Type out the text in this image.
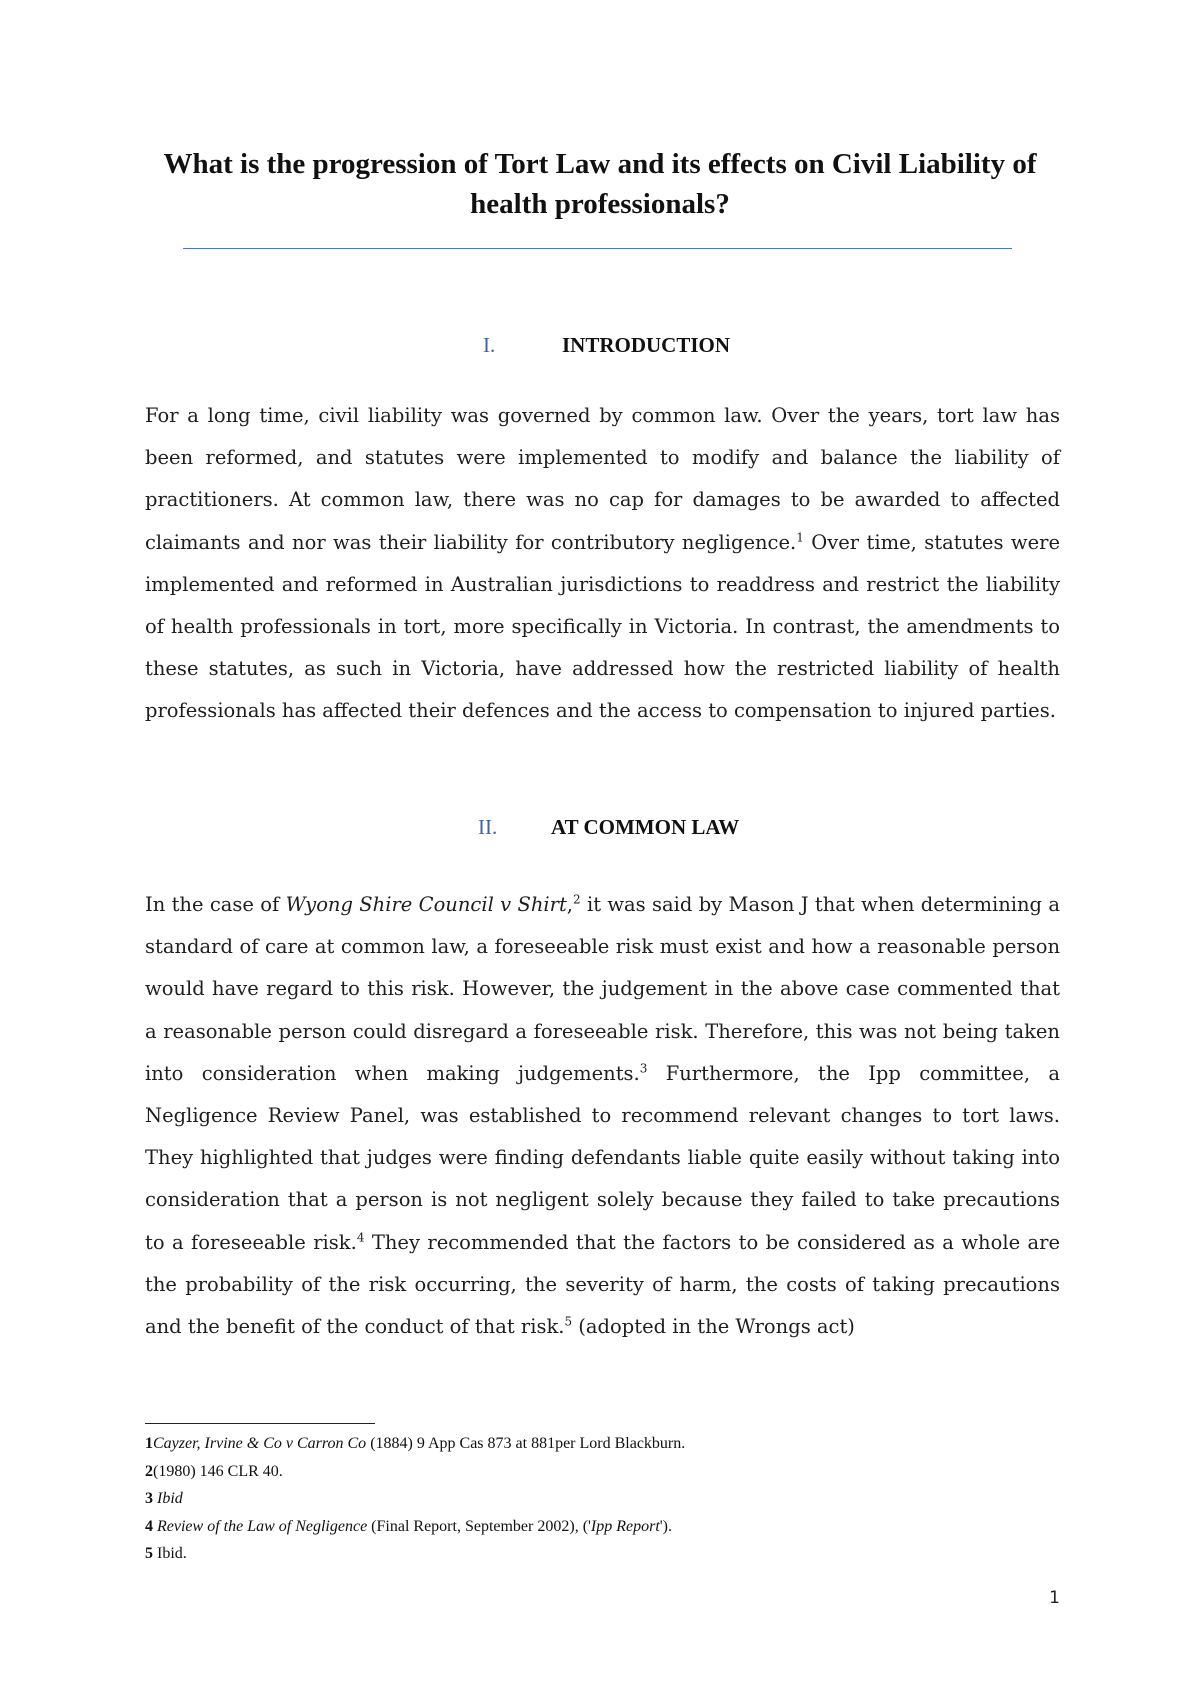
What is the progression of Tort Law and its effects on Civil Liability of health professionals?
I.	INTRODUCTION
For a long time, civil liability was governed by common law. Over the years, tort law has been reformed, and statutes were implemented to modify and balance the liability of practitioners. At common law, there was no cap for damages to be awarded to affected claimants and nor was their liability for contributory negligence.$^1$ Over time, statutes were implemented and reformed in Australian jurisdictions to readdress and restrict the liability of health professionals in tort, more specifically in Victoria. In contrast, the amendments to these statutes, as such in Victoria, have addressed how the restricted liability of health professionals has affected their defences and the access to compensation to injured parties.
II.	AT COMMON LAW
In the case of Wyong Shire Council v Shirt,$^2$ it was said by Mason J that when determining a standard of care at common law, a foreseeable risk must exist and how a reasonable person would have regard to this risk. However, the judgement in the above case commented that a reasonable person could disregard a foreseeable risk. Therefore, this was not being taken into consideration when making judgements.$^3$ Furthermore, the Ipp committee, a Negligence Review Panel, was established to recommend relevant changes to tort laws. They highlighted that judges were finding defendants liable quite easily without taking into consideration that a person is not negligent solely because they failed to take precautions to a foreseeable risk.$^4$ They recommended that the factors to be considered as a whole are the probability of the risk occurring, the severity of harm, the costs of taking precautions and the benefit of the conduct of that risk.$^5$ (adopted in the Wrongs act)
1Cayzer, Irvine & Co v Carron Co (1884) 9 App Cas 873 at 881per Lord Blackburn.
2(1980) 146 CLR 40.
3 Ibid
4 Review of the Law of Negligence (Final Report, September 2002), ('Ipp Report').
5 Ibid.
1
